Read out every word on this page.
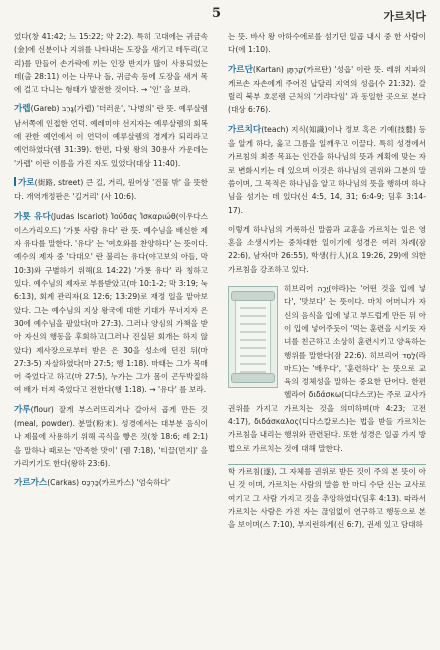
5	가르치다

었다(창 41:42; 느 15:22; 약 2:2). 특히 고대에는 귀금속(金)에 신분이나 지위를 나타내는 도장을 새기고 테두리(고리)를 만들어 손가락에 끼는 인장 반지가 많이 사용되었는데(출 28:11) 이는 나무나 돌, 귀금속 등에 도장을 새겨 목에 걸고 다니는 형태가 발전한 것이다. → '인' 을 보라.

가렙(Gareb) גָּרֵב(가렙) '더러운', '나병의' 란 뜻. 예루살렘 남서쪽에 인접한 언덕. 예레미야 선지자는 예루살렘의 회복에 관한 예언에서 이 언덕이 예루살렘의 경계가 되리라고 예언하였다(렘 31:39). 한편, 다윗 왕의 30용사 가운데는 '가렙' 이란 이름을 가진 자도 있었다(대상 11:40).

가로(街路, street) 큰 길, 거리, 원어상 '건물 밖' 을 뜻한다. 개역개정판은 '길거리' (사 10:6).

가룟 유다(Judas Iscariot) Ἰούδας Ἰσκαριώθ(이우다스 이스가리오드) '가룟 사람 유다' 란 뜻. 예수님을 배신한 제자 유다를 말한다. '유다' 는 '여호와를 찬양하다' 는 뜻이다. 예수의 제자 중 '다대오' 란 불리는 유다(야고보의 아들, 막 10:3)와 구별하기 위해(요 14:22) '가룟 유다' 라 칭하고 있다. 예수님의 제자로 부름받았고(마 10:1-2; 막 3:19; 눅 6:13), 회계 관리자(요 12:6; 13:29)로 재정 일을 맡아보았다. 그는 예수님의 지상 왕국에 대한 기대가 무너지자 은 30에 예수님을 팔았다(마 27:3). 그러나 양심의 가책을 받아 자신의 행동을 후회하고(그러나 진실된 회개는 하지 않았다) 제사장으로부터 받은 은 30을 성소에 던진 뒤(마 27:3-5) 자살하였다(마 27:5; 행 1:18). 마태는 그가 목매어 죽었다고 하고(마 27:5), 누가는 그가 몸이 곤두박질하여 배가 터져 죽었다고 전한다(행 1:18). → '유다' 를 보라.

가루(flour) 잘게 부스러뜨리거나 갈아서 곱게 만든 것(meal, powder). 분말(粉末). 성경에서는 대부분 음식이나 제물에 사용하기 위해 곡식을 빻은 것(창 18:6; 레 2:1)을 말하나 때로는 '만족한 맛이' (렘 7:18), '티끌(먼지)' 을 가리키기도 한다(왕하 23:6).

가르가스(Carkas) כַּרְכַּס(카르카스) '엄숙하다'

는 뜻. 바사 왕 아하수에로를 섬기던 일곱 내시 중 한 사람이다(에 1:10).

가르단(Kartan) קַרְתָּן(카르탄) '성읍' 이란 뜻. 레위 지파의 게르손 자손에게 주어진 납달리 지역의 성읍(수 21:32). 갈릴리 북부 호론렘 근처의 '기랴다임' 과 동일한 곳으로 본다(대상 6:76).

가르치다(teach) 지식(知識)이나 정보 혹은 기예(技藝) 등을 알게 하다, 옳고 그름을 일깨우고 이끌다. 특히 성경에서 가르침의 최종 목표는 인간을 하나님의 뜻과 계획에 맞는 자로 변화시키는 데 있으며 이것은 하나님의 권위와 그분의 말씀이며, 그 목적은 하나님을 알고 하나님의 뜻을 행하며 하나님을 섬기는 데 있다(신 4:5, 14, 31; 6:4-9; 딤후 3:14-17).

이렇게 하나님의 거룩하신 말씀과 교훈을 가르치는 일은 영혼을 소생시키는 중차대한 일이기에 성경은 여러 차례(잠 22:6), 남자(마 26:55), 학생(行人)(요 19:26, 29)에 의한 가르침을 강조하고 있다.

히브리어 יָרָה(야라)는 '어떤 것을 입에 넣다', '맛보다' 는 뜻이다. 마치 어머니가 자신의 음식을 입에 넣고 부드럽게 만든 뒤 아이 입에 넣어주듯이 '먹는 훈련을 시키듯 자녀를 친근하고 소상히 훈련시키고 양육하는 행위를 말한다(잠 22:6). 히브리어 לָמַד(라마드)는 '배우다', '훈련하다' 는 뜻으로 교육의 정체성을 말하는 중요한 단어다. 한편 헬라어 διδάσκω(디다스코)는 주로 교사가 권위를 가지고 가르치는 것을 의미하며(마 4:23; 고전 4:17), διδάσκαλος(디다스칼로스)는 법을 받들 가르치는 가르침을 내리는 행위와 관련된다. 또한 성경은 일곱 가지 방법으로 가르치는 것에 대해 말한다.

학 가르침(遂), 그 자체를 권위로 받든 것이 주의 본 뜻이 아닌 것 이며, 가르치는 사람의 말씀 한 마디 수단 신는 교사로 여기고 그 사람 가지고 것을 추앙하였다(딤후 4:13). 따라서 가르치는 사람은 가진 자는 끊임없이 연구하고 행동으로 본을 보이며(스 7:10), 부지런하게(신 6:7), 권세 있고 담대하
